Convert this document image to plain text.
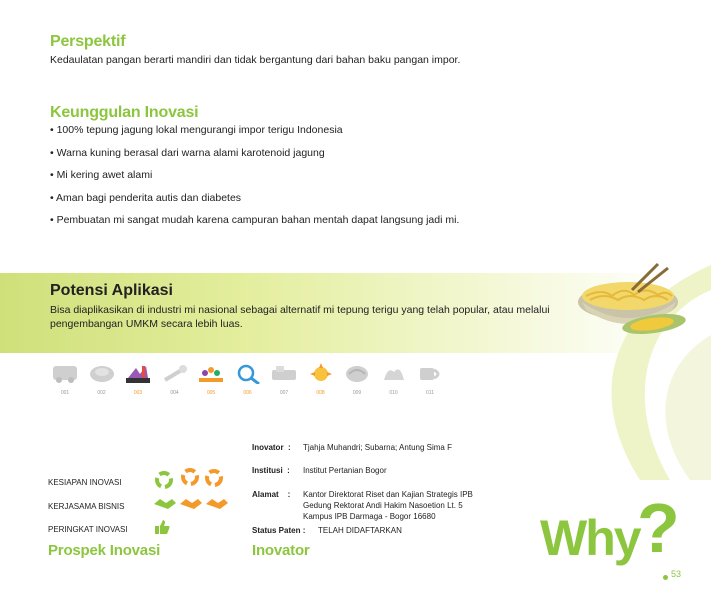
Perspektif
Kedaulatan pangan berarti mandiri dan tidak bergantung dari bahan baku pangan impor.
Keunggulan Inovasi
• 100% tepung jagung lokal mengurangi impor terigu Indonesia
• Warna kuning berasal dari warna alami karotenoid jagung
• Mi kering awet alami
• Aman bagi penderita autis dan diabetes
• Pembuatan mi sangat mudah karena campuran bahan mentah dapat langsung jadi mi.
Potensi Aplikasi
Bisa diaplikasikan di industri mi nasional sebagai alternatif mi tepung terigu yang telah popular, atau melalui
pengembangan UMKM secara lebih luas.
001	002	003	004	005	006	007	008	009	010	011
KESIAPAN INOVASI
KERJASAMA BISNIS
PERINGKAT INOVASI
Prospek Inovasi
Inovator  : Tjahja Muhandri; Subarna; Antung Sima F
Institusi  : Institut Pertanian Bogor
Alamat    : Kantor Direktorat Riset dan Kajian Strategis IPB
Gedung Rektorat Andi Hakim Nasoetion Lt. 5
Kampus IPB Darmaga - Bogor 16680
Status Paten : TELAH DIDAFTARKAN
Inovator	Why
?
53
